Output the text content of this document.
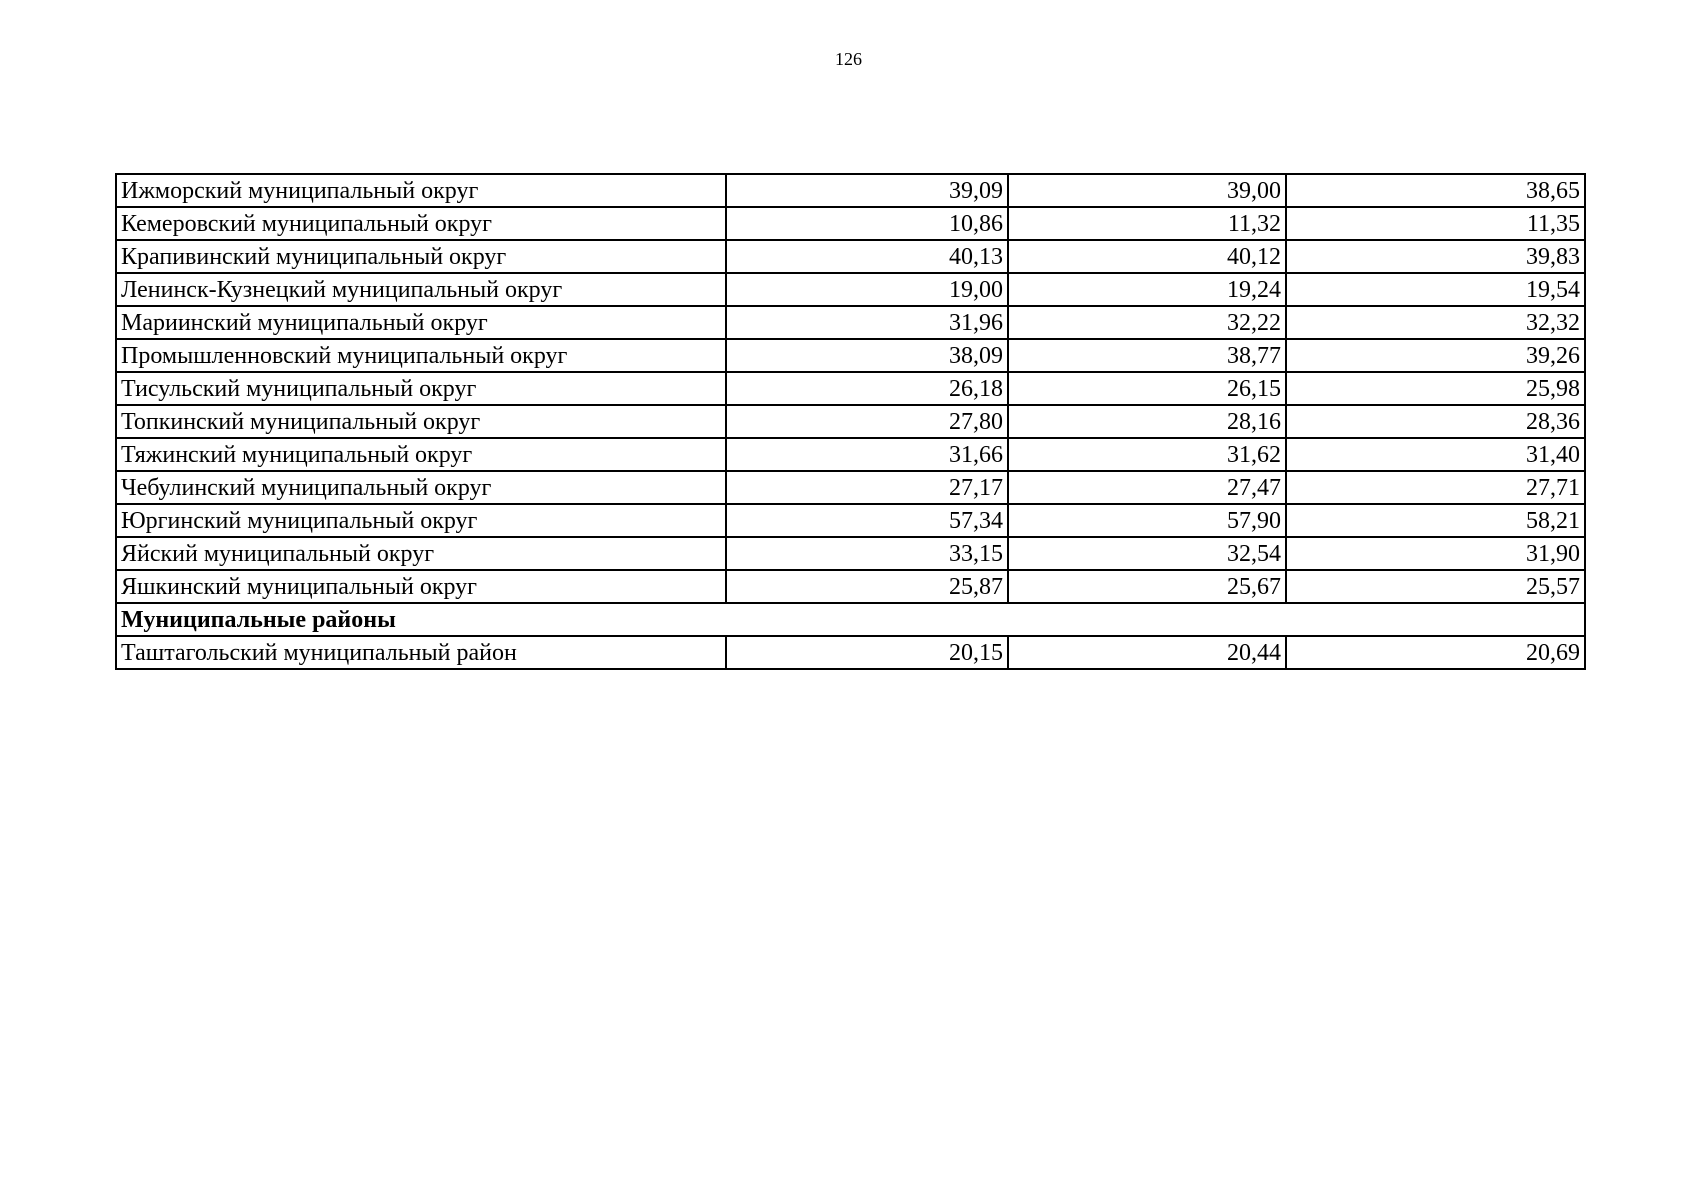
126
Ижморский муниципальный округ	39,09	39,00	38,65
Кемеровский муниципальный округ	10,86	11,32	11,35
Крапивинский муниципальный округ	40,13	40,12	39,83
Ленинск-Кузнецкий муниципальный округ	19,00	19,24	19,54
Мариинский муниципальный округ	31,96	32,22	32,32
Промышленновский муниципальный округ	38,09	38,77	39,26
Тисульский муниципальный округ	26,18	26,15	25,98
Топкинский муниципальный округ	27,80	28,16	28,36
Тяжинский муниципальный округ	31,66	31,62	31,40
Чебулинский муниципальный округ	27,17	27,47	27,71
Юргинский муниципальный округ	57,34	57,90	58,21
Яйский муниципальный округ	33,15	32,54	31,90
Яшкинский муниципальный округ	25,87	25,67	25,57
Муниципальные районы			
Таштагольский муниципальный район	20,15	20,44	20,69
